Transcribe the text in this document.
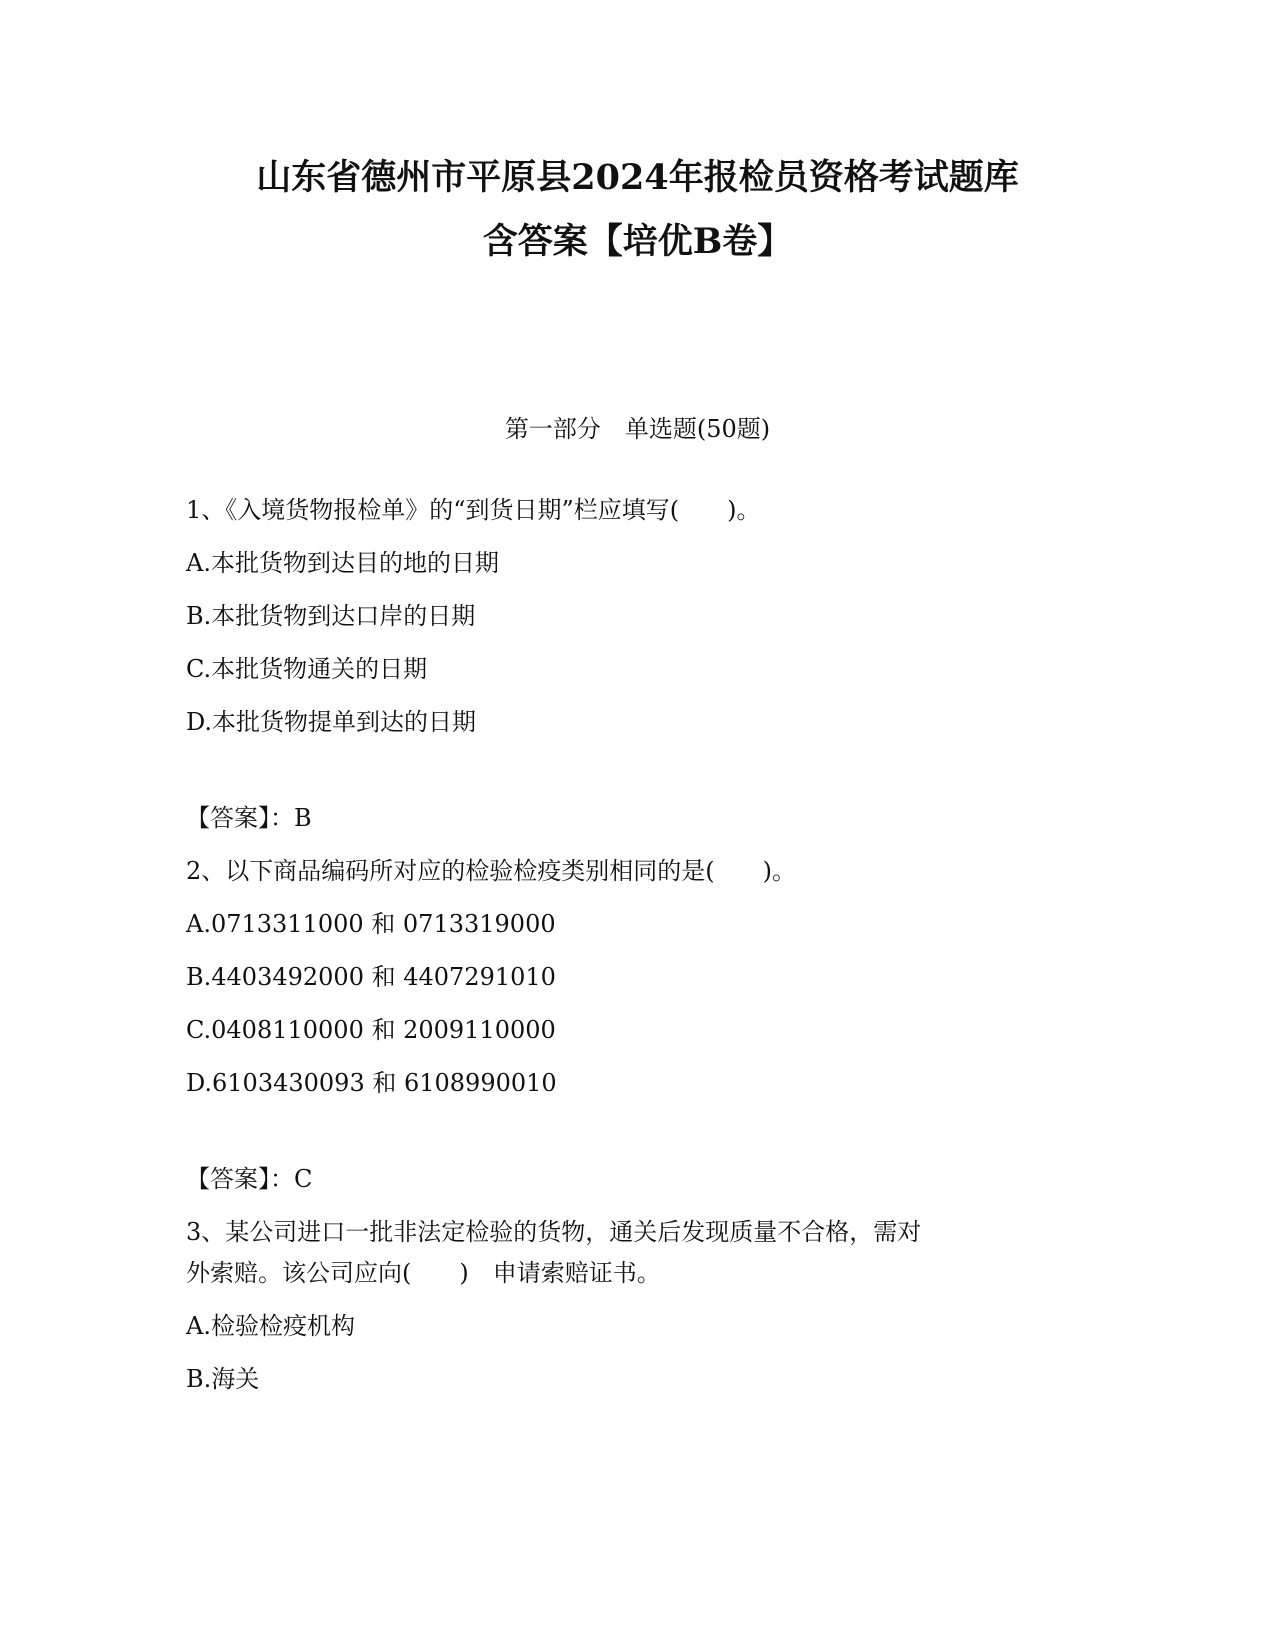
山东省德州市平原县2024年报检员资格考试题库
含答案【培优B卷】
第一部分　单选题(50题)
1、《入境货物报检单》的“到货日期”栏应填写(　　)。
A.本批货物到达目的地的日期
B.本批货物到达口岸的日期
C.本批货物通关的日期
D.本批货物提单到达的日期
【答案】：B
2、以下商品编码所对应的检验检疫类别相同的是(　　)。
A.0713311000 和 0713319000
B.4403492000 和 4407291010
C.0408110000 和 2009110000
D.6103430093 和 6108990010
【答案】：C
3、某公司进口一批非法定检验的货物，通关后发现质量不合格，需对
外索赔。该公司应向(　　)　申请索赔证书。
A.检验检疫机构
B.海关
